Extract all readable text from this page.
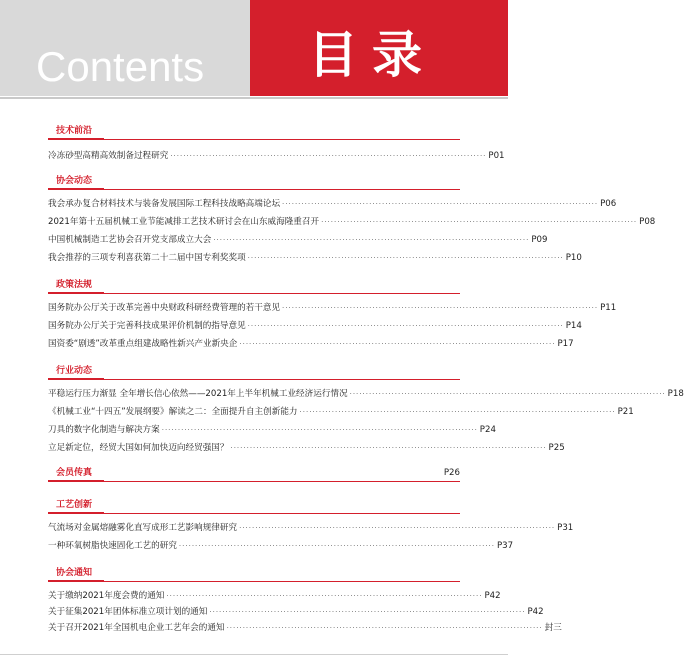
Contents 目录
技术前沿
冷冻砂型高精高效制备过程研究 ·································································································· P01
协会动态
我会承办复合材料技术与装备发展国际工程科技战略高端论坛 ·································································································· P06
2021年第十五届机械工业节能减排工艺技术研讨会在山东威海隆重召开 ·································································································· P08
中国机械制造工艺协会召开党支部成立大会 ·································································································· P09
我会推荐的三项专利喜获第二十二届中国专利奖奖项 ·································································································· P10
政策法规
国务院办公厅关于改革完善中央财政科研经费管理的若干意见 ·································································································· P11
国务院办公厅关于完善科技成果评价机制的指导意见 ·································································································· P14
国资委“剧透”改革重点组建战略性新兴产业新央企 ·································································································· P17
行业动态
平稳运行压力渐显 全年增长信心依然——2021年上半年机械工业经济运行情况 ·································································································· P18
《机械工业“十四五”发展纲要》解读之二：全面提升自主创新能力 ·································································································· P21
刀具的数字化制造与解决方案 ·································································································· P24
立足新定位，经贸大国如何加快迈向经贸强国？ ·································································································· P25
会员传真	P26
工艺创新
气流场对金属熔融雾化直写成形工艺影响规律研究 ·································································································· P31
一种环氧树脂快速固化工艺的研究 ·································································································· P37
协会通知
关于缴纳2021年度会费的通知 ·································································································· P42
关于征集2021年团体标准立项计划的通知 ·································································································· P42
关于召开2021年全国机电企业工艺年会的通知 ·································································································· 封三
